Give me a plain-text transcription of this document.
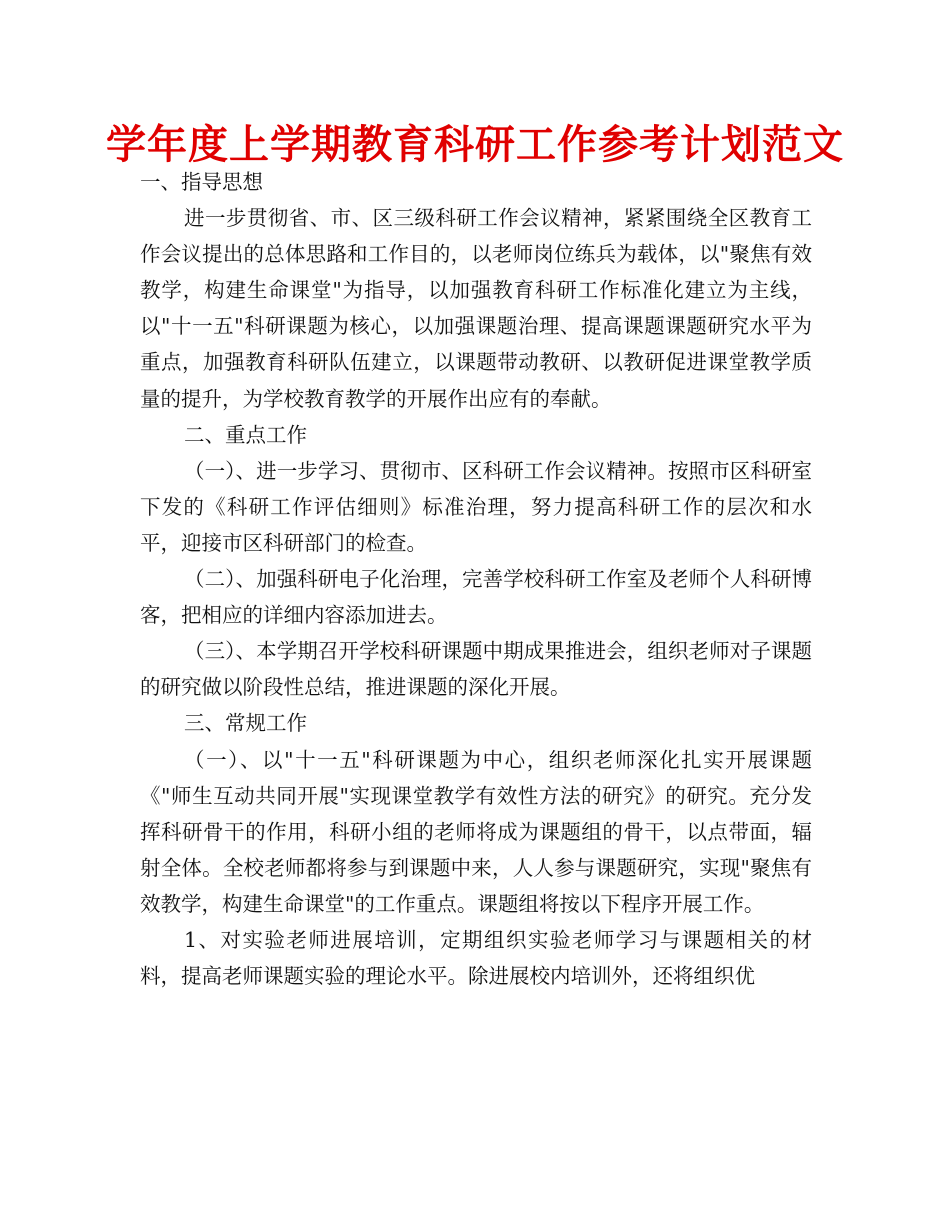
学年度上学期教育科研工作参考计划范文

一、指导思想

进一步贯彻省、市、区三级科研工作会议精神，紧紧围绕全区教育工作会议提出的总体思路和工作目的，以老师岗位练兵为载体，以"聚焦有效教学，构建生命课堂"为指导，以加强教育科研工作标准化建立为主线，以"十一五"科研课题为核心，以加强课题治理、提高课题课题研究水平为重点，加强教育科研队伍建立，以课题带动教研、以教研促进课堂教学质量的提升，为学校教育教学的开展作出应有的奉献。

二、重点工作

（一）、进一步学习、贯彻市、区科研工作会议精神。按照市区科研室下发的《科研工作评估细则》标准治理，努力提高科研工作的层次和水平，迎接市区科研部门的检查。

（二）、加强科研电子化治理，完善学校科研工作室及老师个人科研博客，把相应的详细内容添加进去。

（三）、本学期召开学校科研课题中期成果推进会，组织老师对子课题的研究做以阶段性总结，推进课题的深化开展。

三、常规工作

（一）、以"十一五"科研课题为中心，组织老师深化扎实开展课题《"师生互动共同开展"实现课堂教学有效性方法的研究》的研究。充分发挥科研骨干的作用，科研小组的老师将成为课题组的骨干，以点带面，辐射全体。全校老师都将参与到课题中来，人人参与课题研究，实现"聚焦有效教学，构建生命课堂"的工作重点。课题组将按以下程序开展工作。

1、对实验老师进展培训，定期组织实验老师学习与课题相关的材料，提高老师课题实验的理论水平。除进展校内培训外，还将组织优
